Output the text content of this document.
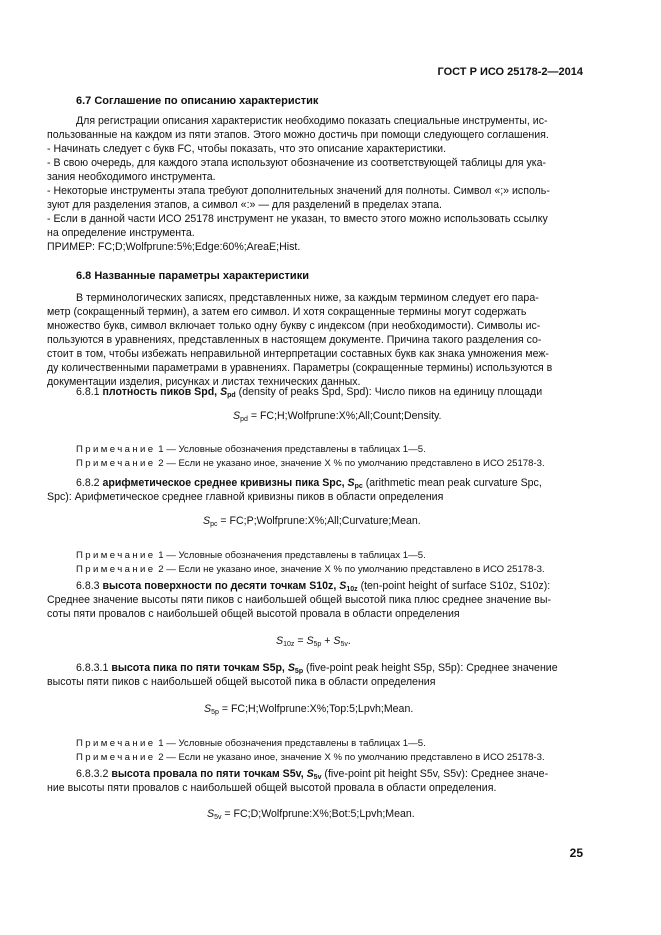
ГОСТ Р ИСО 25178-2—2014
6.7 Соглашение по описанию характеристик
Для регистрации описания характеристик необходимо показать специальные инструменты, ис-
пользованные на каждом из пяти этапов. Этого можно достичь при помощи следующего соглашения.
- Начинать следует с букв FC, чтобы показать, что это описание характеристики.
- В свою очередь, для каждого этапа используют обозначение из соответствующей таблицы для ука-
зания необходимого инструмента.
- Некоторые инструменты этапа требуют дополнительных значений для полноты. Символ «;» исполь-
зуют для разделения этапов, а символ «:» — для разделений в пределах этапа.
- Если в данной части ИСО 25178 инструмент не указан, то вместо этого можно использовать ссылку
на определение инструмента.
ПРИМЕР: FC;D;Wolfprune:5%;Edge:60%;AreaE;Hist.
6.8 Названные параметры характеристики
В терминологических записях, представленных ниже, за каждым термином следует его пара-
метр (сокращенный термин), а затем его символ. И хотя сокращенные термины могут содержать
множество букв, символ включает только одну букву с индексом (при необходимости). Символы ис-
пользуются в уравнениях, представленных в настоящем документе. Причина такого разделения со-
стоит в том, чтобы избежать неправильной интерпретации составных букв как знака умножения меж-
ду количественными параметрами в уравнениях. Параметры (сокращенные термины) используются в
документации изделия, рисунках и листах технических данных.
6.8.1 плотность пиков Spd, $S_{pd}$ (density of peaks Spd, Spd): Число пиков на единицу площади
$S_{pd}$ = FC;H;Wolfprune:X%;All;Count;Density.
Примечание 1 — Условные обозначения представлены в таблицах 1—5.
Примечание 2 — Если не указано иное, значение X % по умолчанию представлено в ИСО 25178-3.
6.8.2 арифметическое среднее кривизны пика Spc, $S_{pc}$ (arithmetic mean peak curvature Spc,
Spc): Арифметическое среднее главной кривизны пиков в области определения
$S_{pc}$ = FC;P;Wolfprune:X%;All;Curvature;Mean.
Примечание 1 — Условные обозначения представлены в таблицах 1—5.
Примечание 2 — Если не указано иное, значение X % по умолчанию представлено в ИСО 25178-3.
6.8.3 высота поверхности по десяти точкам S10z, $S_{10z}$ (ten-point height of surface S10z, S10z):
Среднее значение высоты пяти пиков с наибольшей общей высотой пика плюс среднее значение вы-
соты пяти провалов с наибольшей общей высотой провала в области определения
$S_{10z} = S_{5p} + S_{5v}$.
6.8.3.1 высота пика по пяти точкам S5p, $S_{5p}$ (five-point peak height S5p, S5p): Среднее значение
высоты пяти пиков с наибольшей общей высотой пика в области определения
$S_{5p}$ = FC;H;Wolfprune:X%;Top:5;Lpvh;Mean.
Примечание 1 — Условные обозначения представлены в таблицах 1—5.
Примечание 2 — Если не указано иное, значение X % по умолчанию представлено в ИСО 25178-3.
6.8.3.2 высота провала по пяти точкам S5v, $S_{5v}$ (five-point pit height S5v, S5v): Среднее значе-
ние высоты пяти провалов с наибольшей общей высотой провала в области определения.
$S_{5v}$ = FC;D;Wolfprune:X%;Bot:5;Lpvh;Mean.
25
